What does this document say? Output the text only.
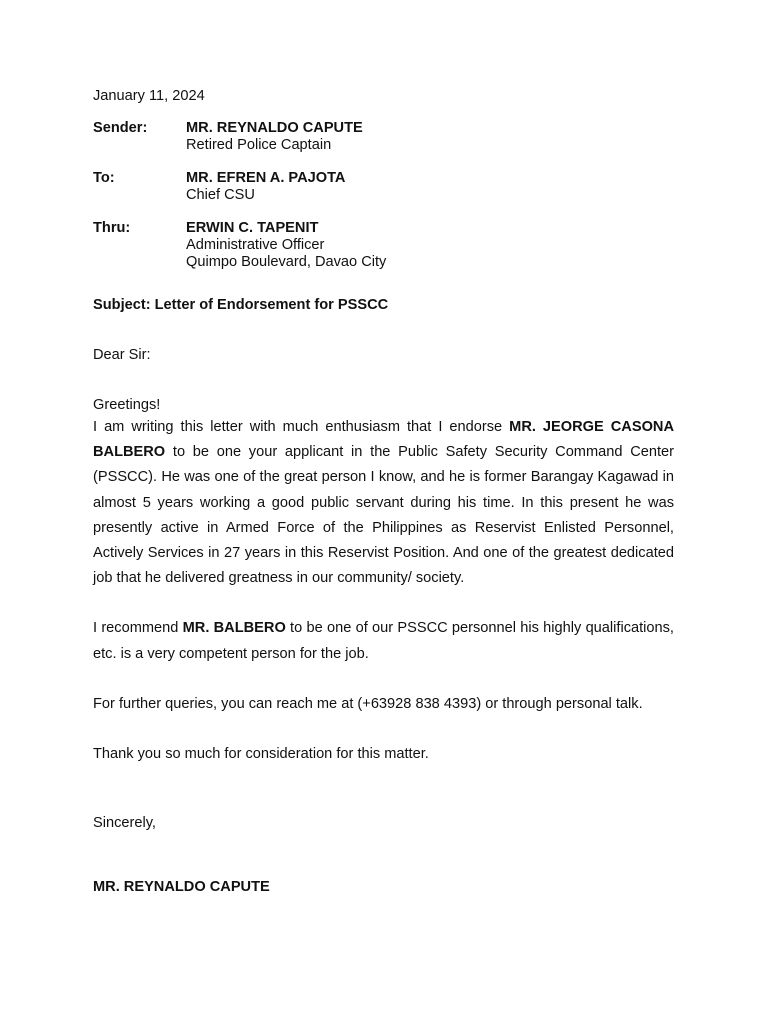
January 11, 2024
Sender:	MR. REYNALDO CAPUTE
Retired Police Captain
To:	MR. EFREN A. PAJOTA
Chief CSU
Thru:	ERWIN C. TAPENIT
Administrative Officer
Quimpo Boulevard, Davao City
Subject: Letter of Endorsement for PSSCC
Dear Sir:
Greetings!

I am writing this letter with much enthusiasm that I endorse MR. JEORGE CASONA BALBERO to be one your applicant in the Public Safety Security Command Center (PSSCC). He was one of the great person I know, and he is former Barangay Kagawad in almost 5 years working a good public servant during his time. In this present he was presently active in Armed Force of the Philippines as Reservist Enlisted Personnel, Actively Services in 27 years in this Reservist Position. And one of the greatest dedicated job that he delivered greatness in our community/ society.

I recommend MR. BALBERO to be one of our PSSCC personnel his highly qualifications, etc. is a very competent person for the job.

For further queries, you can reach me at (+63928 838 4393) or through personal talk.

Thank you so much for consideration for this matter.

Sincerely,
MR. REYNALDO CAPUTE
